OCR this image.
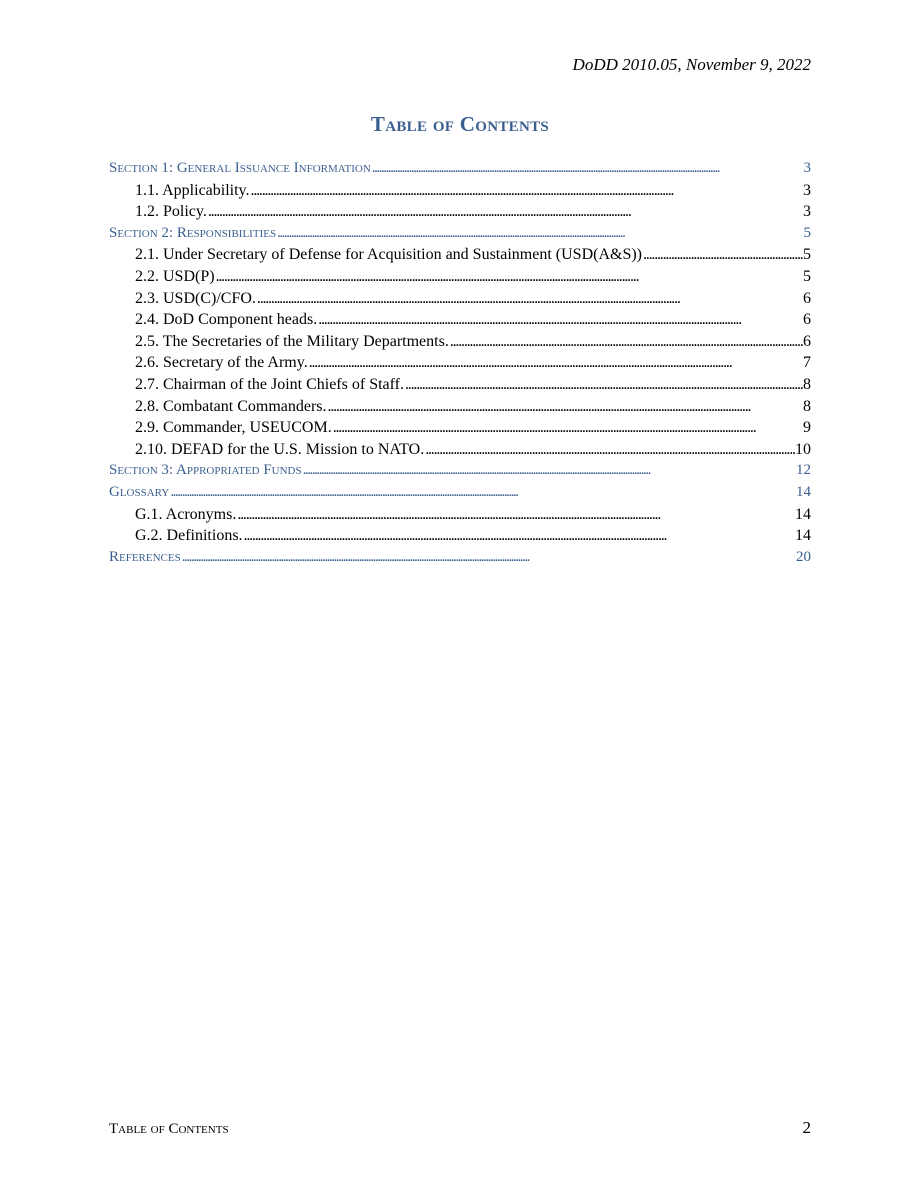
DoDD 2010.05, November 9, 2022
Table of Contents
Section 1: General Issuance Information . . .	3
1.1. Applicability. . . .	3
1.2. Policy. . . .	3
Section 2: Responsibilities . . .	5
2.1. Under Secretary of Defense for Acquisition and Sustainment (USD(A&S)) . . .	5
2.2. USD(P) . . .	5
2.3. USD(C)/CFO. . . .	6
2.4. DoD Component heads. . . .	6
2.5. The Secretaries of the Military Departments. . . .	6
2.6. Secretary of the Army. . . .	7
2.7. Chairman of the Joint Chiefs of Staff. . . .	8
2.8. Combatant Commanders. . . .	8
2.9. Commander, USEUCOM. . . .	9
2.10. DEFAD for the U.S. Mission to NATO. . . .	10
Section 3: Appropriated Funds . . .	12
Glossary . . .	14
G.1. Acronyms. . . .	14
G.2. Definitions. . . .	14
References . . .	20
Table of Contents	2
